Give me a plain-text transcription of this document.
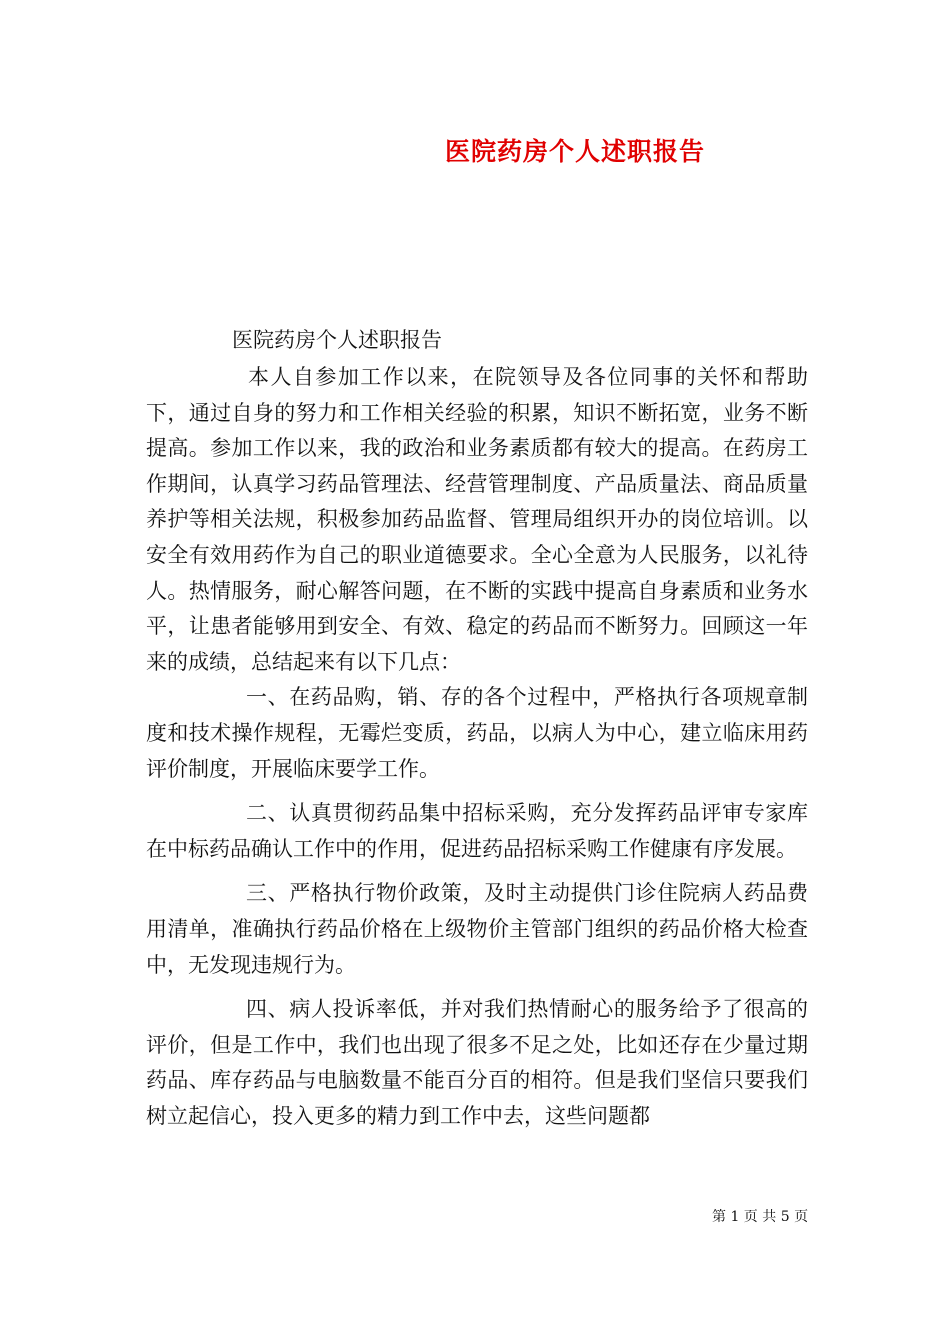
医院药房个人述职报告
医院药房个人述职报告

本人自参加工作以来，在院领导及各位同事的关怀和帮助下，通过自身的努力和工作相关经验的积累，知识不断拓宽，业务不断提高。参加工作以来，我的政治和业务素质都有较大的提高。在药房工作期间，认真学习药品管理法、经营管理制度、产品质量法、商品质量养护等相关法规，积极参加药品监督、管理局组织开办的岗位培训。以安全有效用药作为自己的职业道德要求。全心全意为人民服务，以礼待人。热情服务，耐心解答问题，在不断的实践中提高自身素质和业务水平，让患者能够用到安全、有效、稳定的药品而不断努力。回顾这一年来的成绩，总结起来有以下几点：

一、在药品购，销、存的各个过程中，严格执行各项规章制度和技术操作规程，无霉烂变质，药品，以病人为中心，建立临床用药评价制度，开展临床要学工作。

二、认真贯彻药品集中招标采购，充分发挥药品评审专家库在中标药品确认工作中的作用，促进药品招标采购工作健康有序发展。

三、严格执行物价政策，及时主动提供门诊住院病人药品费用清单，准确执行药品价格在上级物价主管部门组织的药品价格大检查中，无发现违规行为。

四、病人投诉率低，并对我们热情耐心的服务给予了很高的评价，但是工作中，我们也出现了很多不足之处，比如还存在少量过期药品、库存药品与电脑数量不能百分百的相符。但是我们坚信只要我们树立起信心，投入更多的精力到工作中去，这些问题都

第 1 页 共 5 页
